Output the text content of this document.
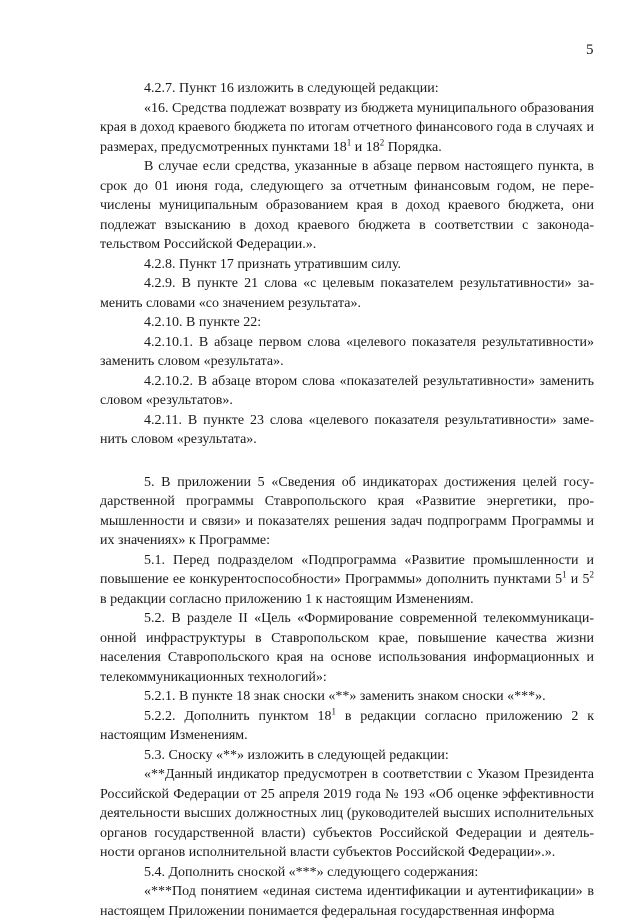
5

4.2.7. Пункт 16 изложить в следующей редакции:

«16. Средства подлежат возврату из бюджета муниципального образования края в доход краевого бюджета по итогам отчетного финансового года в случаях и размерах, предусмотренных пунктами $18^1$ и $18^2$ Порядка.

В случае если средства, указанные в абзаце первом настоящего пункта, в срок до 01 июня года, следующего за отчетным финансовым годом, не перечислены муниципальным образованием края в доход краевого бюджета, они подлежат взысканию в доход краевого бюджета в соответствии с законодательством Российской Федерации.».

4.2.8. Пункт 17 признать утратившим силу.

4.2.9. В пункте 21 слова «с целевым показателем результативности» заменить словами «со значением результата».

4.2.10. В пункте 22:

4.2.10.1. В абзаце первом слова «целевого показателя результативности» заменить словом «результата».

4.2.10.2. В абзаце втором слова «показателей результативности» заменить словом «результатов».

4.2.11. В пункте 23 слова «целевого показателя результативности» заменить словом «результата».

5. В приложении 5 «Сведения об индикаторах достижения целей государственной программы Ставропольского края «Развитие энергетики, промышленности и связи» и показателях решения задач подпрограмм Программы и их значениях» к Программе:

5.1. Перед подразделом «Подпрограмма «Развитие промышленности и повышение ее конкурентоспособности» Программы» дополнить пунктами $5^1$ и $5^2$ в редакции согласно приложению 1 к настоящим Изменениям.

5.2. В разделе II «Цель «Формирование современной телекоммуникационной инфраструктуры в Ставропольском крае, повышение качества жизни населения Ставропольского края на основе использования информационных и телекоммуникационных технологий»:

5.2.1. В пункте 18 знак сноски «**» заменить знаком сноски «***».

5.2.2. Дополнить пунктом $18^1$ в редакции согласно приложению 2 к настоящим Изменениям.

5.3. Сноску «**» изложить в следующей редакции:

«**Данный индикатор предусмотрен в соответствии с Указом Президента Российской Федерации от 25 апреля 2019 года № 193 «Об оценке эффективности деятельности высших должностных лиц (руководителей высших исполнительных органов государственной власти) субъектов Российской Федерации и деятель-ности органов исполнительной власти субъектов Российской Федерации».».

5.4. Дополнить сноской «***» следующего содержания:

«***Под понятием «единая система идентификации и аутентификации» в настоящем Приложении понимается федеральная государственная информа
